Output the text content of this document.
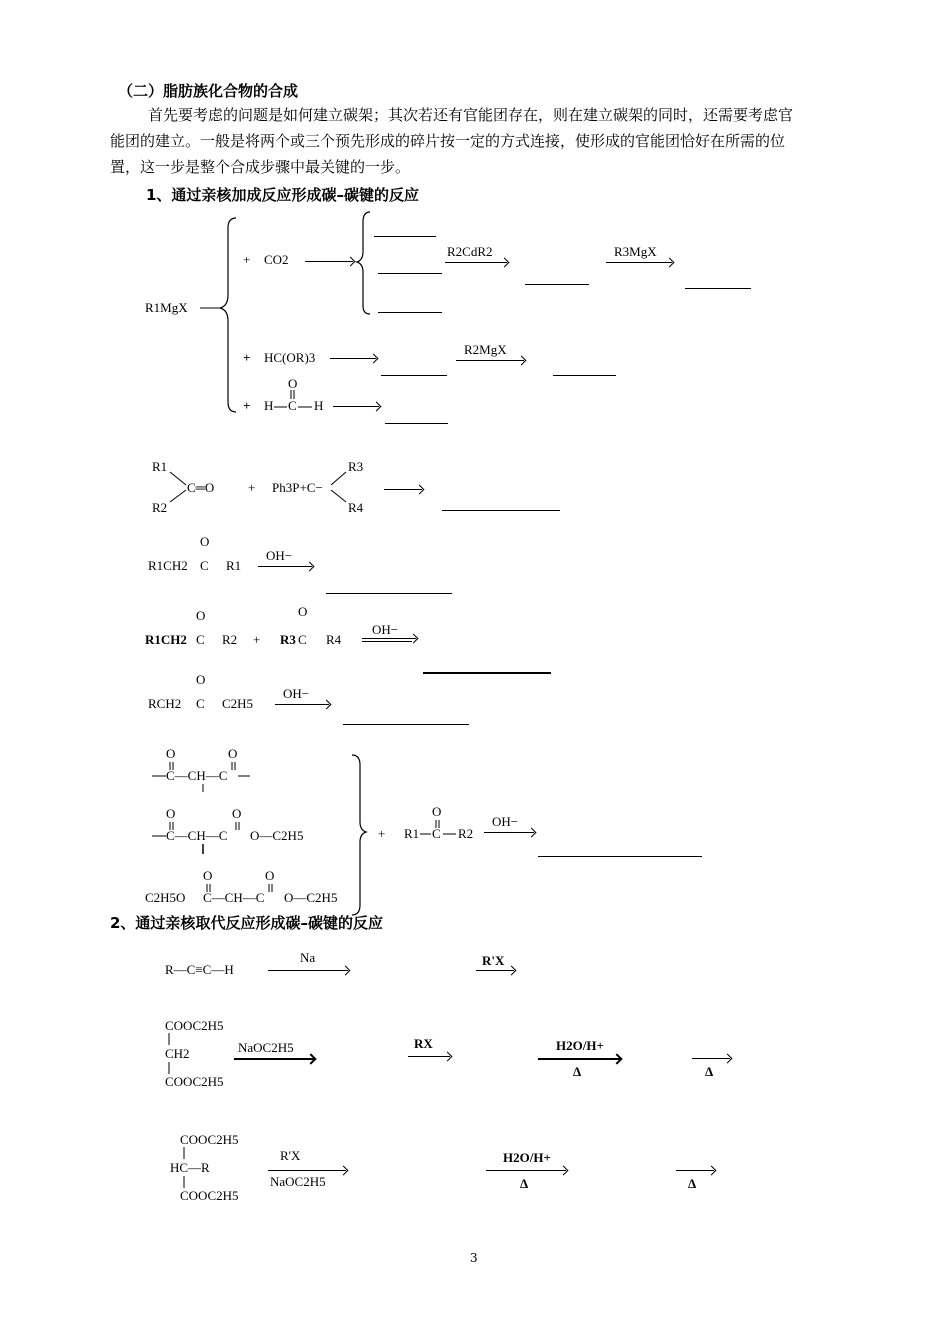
（二）脂肪族化合物的合成
首先要考虑的问题是如何建立碳架；其次若还有官能团存在，则在建立碳架的同时，还需要考虑官
能团的建立。一般是将两个或三个预先形成的碎片按一定的方式连接，使形成的官能团恰好在所需的位
置，这一步是整个合成步骤中最关键的一步。
1、通过亲核加成反应形成碳–碳键的反应
R1MgX
+ CO2
R2CdR2	R3MgX
+ HC(OR)3
R2MgX
+ H C H
O
R1
R2
C═O	+ Ph3P+C−
R3
R4
R1CH2 C R1
O
OH−
R1CH2 C R2
O
+ R3 C R4
O
OH−
RCH2 C C2H5
O
OH−
O	O
O	O
O	O
O
C—CH—C
C—CH—C O—C2H5
C2H5O C—CH—C O—C2H5
+ R1 C R2
OH−
2、通过亲核取代反应形成碳–碳键的反应
R—C≡C—H
Na	R'X
COOC2H5
CH2
COOC2H5
NaOC2H5	RX	H2O/H+
Δ	Δ
COOC2H5
HC—R
COOC2H5
R'X
NaOC2H5
H2O/H+
Δ	Δ
3
